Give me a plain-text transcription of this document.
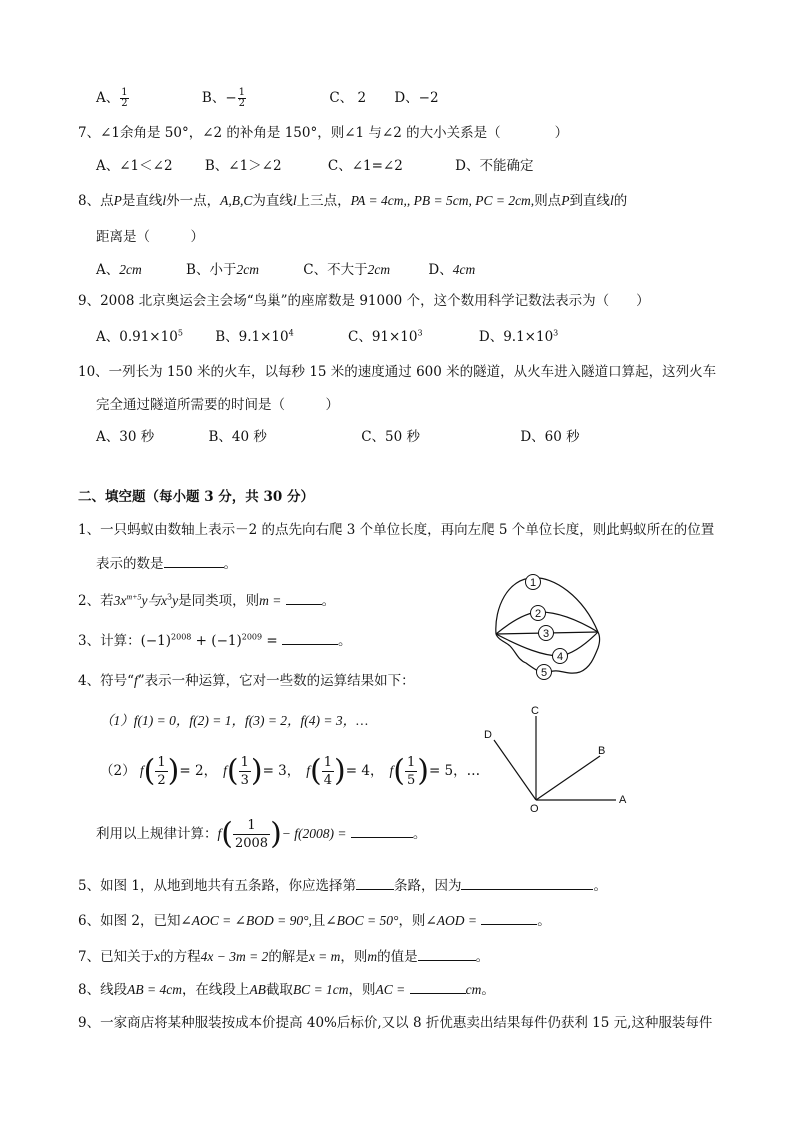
A、 $\frac{1}{2}$	B、− $\frac{1}{2}$	C、 2 D、−2
7、∠1余角是 50°，∠2 的补角是 150°，则∠1 与∠2 的大小关系是（　　　　）
A、∠1＜∠2 B、∠1＞∠2	C、∠1=∠2	D、不能确定
8、点P是直线l外一点，A,B,C为直线l上三点，PA = 4cm,, PB = 5cm, PC = 2cm,则点P到直线l的
距离是（　　　）
A、2cm	B、小于2cm	C、不大于2cm	D、4cm
9、2008 北京奥运会主会场“鸟巢”的座席数是 91000 个，这个数用科学记数法表示为（　　）
A、$0.91\times 10^5$ B、$9.1\times 10^4$	C、$91\times 10^3$	D、$9.1\times 10^3$
10、一列长为 150 米的火车，以每秒 15 米的速度通过 600 米的隧道，从火车进入隧道口算起，这列火车
完全通过隧道所需要的时间是（　　　）
A、30 秒	B、40 秒	C、50 秒	D、60 秒
二、填空题（每小题 3 分，共 30 分）
1、一只蚂蚁由数轴上表示－2 的点先向右爬 3 个单位长度，再向左爬 5 个单位长度，则此蚂蚁所在的位置
表示的数是	。
2、若$3x^{m+5}y$与$x^3y$是同类项，则m =	。
3、计算：$(-1)^{2008} + (-1)^{2009}$ =	。
4、符号“f”表示一种运算，它对一些数的运算结果如下：
（1）f(1) = 0，f(2) = 1，f(3) = 2，f(4) = 3，…
（2） $f( \frac{1}{2}$ )= 2， $f( \frac{1}{3}$ )= 3， $f( \frac{1}{4}$ )= 4， $f( \frac{1}{5}$ )= 5，…
利用以上规律计算：$f( \frac{1}{2008}$ )− f(2008) =	。
5、如图 1，从地到地共有五条路，你应选择第	条路，因为	。
6、如图 2，已知∠AOC = ∠BOD = 90°,且∠BOC = 50°，则∠AOD =	。
7、已知关于x的方程4x − 3m = 2的解是x = m，则m的值是	。
8、线段AB = 4cm，在线段上AB截取BC = 1cm，则AC =	cm。
9、一家商店将某种服装按成本价提高 40%后标价,又以 8 折优惠卖出结果每件仍获利 15 元,这种服装每件
1
2
3
4
5
C
D
B
A
O
